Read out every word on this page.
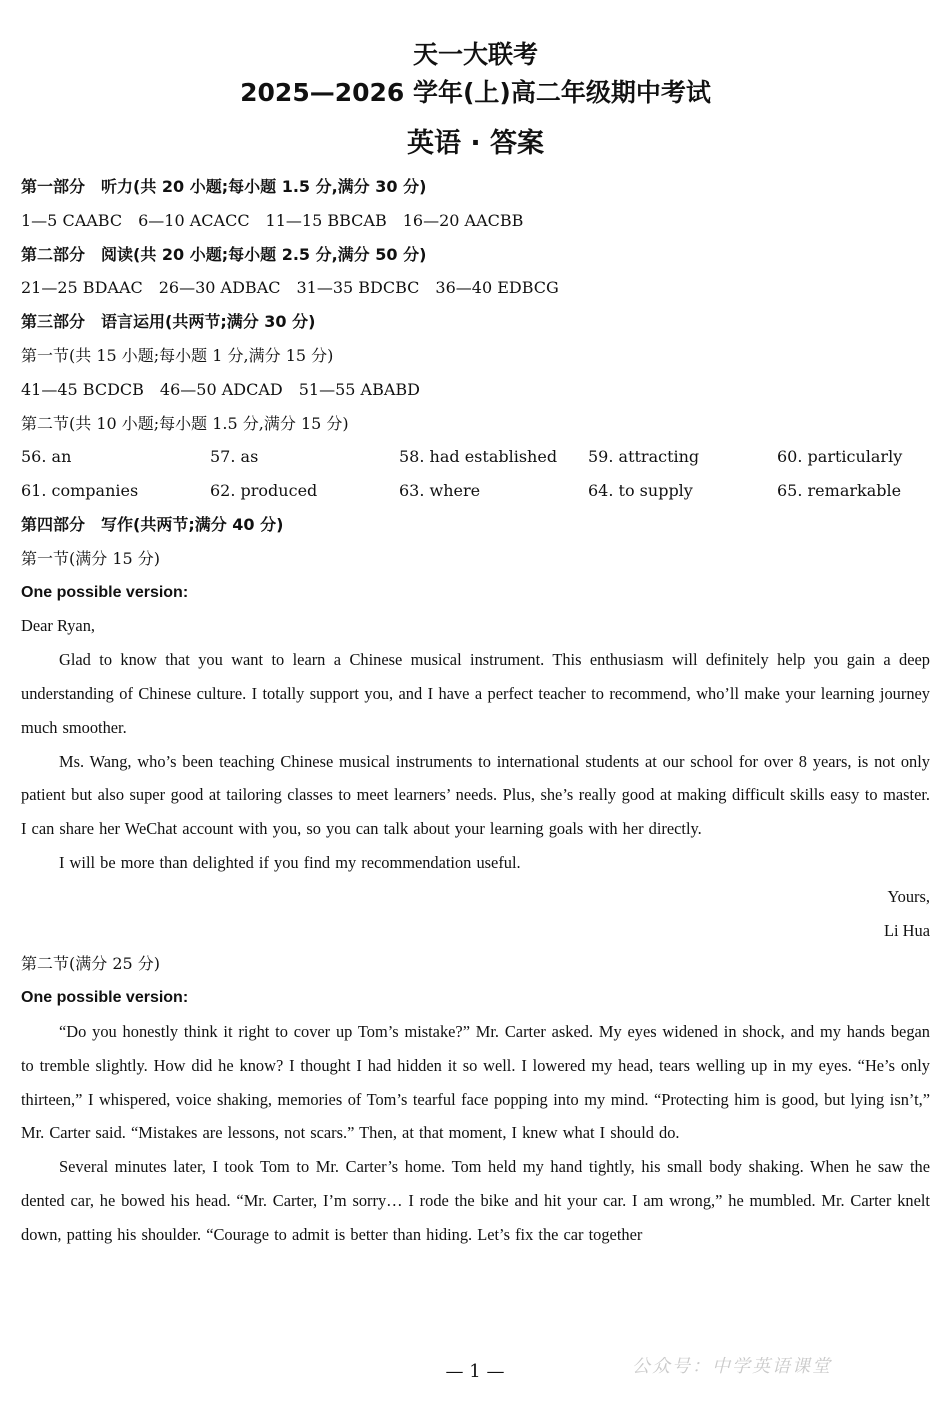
天一大联考
2025—2026 学年(上)高二年级期中考试
英语 · 答案
第一部分　听力(共 20 小题;每小题 1.5 分,满分 30 分)
1—5 CAABC　6—10 ACACC　11—15 BBCAB　16—20 AACBB
第二部分　阅读(共 20 小题;每小题 2.5 分,满分 50 分)
21—25 BDAAC　26—30 ADBAC　31—35 BDCBC　36—40 EDBCG
第三部分　语言运用(共两节;满分 30 分)
第一节(共 15 小题;每小题 1 分,满分 15 分)
41—45 BCDCB　46—50 ADCAD　51—55 ABABD
第二节(共 10 小题;每小题 1.5 分,满分 15 分)
56. an	57. as	58. had established	59. attracting	60. particularly
61. companies	62. produced	63. where	64. to supply	65. remarkable
第四部分　写作(共两节;满分 40 分)
第一节(满分 15 分)
One possible version:
Dear Ryan,

Glad to know that you want to learn a Chinese musical instrument. This enthusiasm will definitely help you gain a deep understanding of Chinese culture. I totally support you, and I have a perfect teacher to recommend, who’ll make your learning journey much smoother.

Ms. Wang, who’s been teaching Chinese musical instruments to international students at our school for over 8 years, is not only patient but also super good at tailoring classes to meet learners’ needs. Plus, she’s really good at making difficult skills easy to master. I can share her WeChat account with you, so you can talk about your learning goals with her directly.

I will be more than delighted if you find my recommendation useful.

Yours,
Li Hua
第二节(满分 25 分)
One possible version:

“Do you honestly think it right to cover up Tom’s mistake?” Mr. Carter asked. My eyes widened in shock, and my hands began to tremble slightly. How did he know? I thought I had hidden it so well. I lowered my head, tears welling up in my eyes. “He’s only thirteen,” I whispered, voice shaking, memories of Tom’s tearful face popping into my mind. “Protecting him is good, but lying isn’t,” Mr. Carter said. “Mistakes are lessons, not scars.” Then, at that moment, I knew what I should do.

Several minutes later, I took Tom to Mr. Carter’s home. Tom held my hand tightly, his small body shaking. When he saw the dented car, he bowed his head. “Mr. Carter, I’m sorry… I rode the bike and hit your car. I am wrong,” he mumbled. Mr. Carter knelt down, patting his shoulder. “Courage to admit is better than hiding. Let’s fix the car together

公众号：中学英语课堂
— 1 —
